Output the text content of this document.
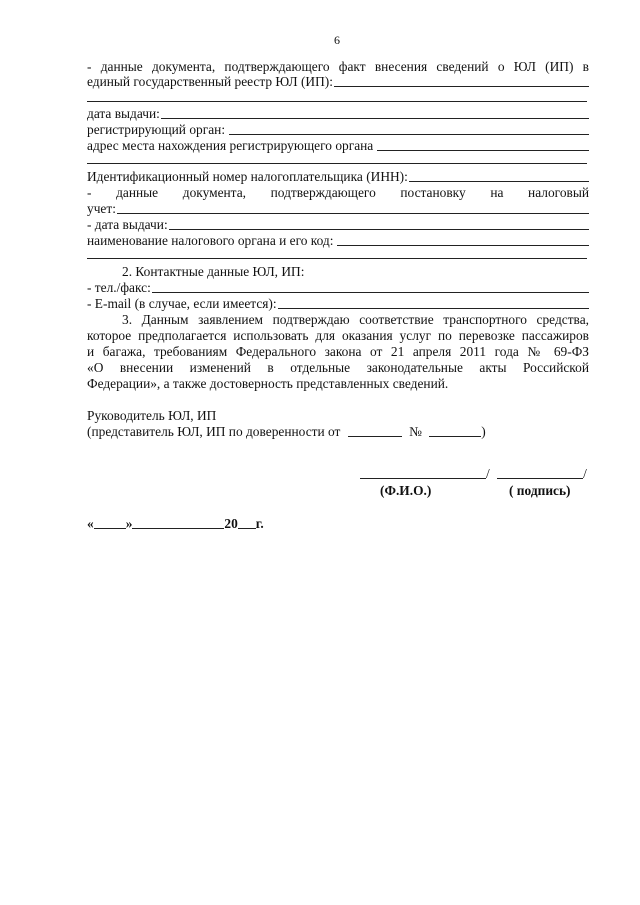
6
- данные документа, подтверждающего факт внесения сведений о ЮЛ (ИП) в
единый государственный реестр ЮЛ (ИП):
дата выдачи:
регистрирующий орган:
адрес места нахождения регистрирующего органа
Идентификационный номер налогоплательщика (ИНН):
- данные документа, подтверждающего постановку на налоговый
учет:
- дата выдачи:
наименование налогового органа и его код:
2. Контактные данные ЮЛ, ИП:
- тел./факс:
- E-mail (в случае, если имеется):
3. Данным заявлением подтверждаю соответствие транспортного средства,
которое предполагается использовать для оказания услуг по перевозке пассажиров
и багажа, требованиям Федерального закона от 21 апреля 2011 года № 69-ФЗ
«О внесении изменений в отдельные законодательные акты Российской
Федерации», а также достоверность представленных сведений.
Руководитель ЮЛ, ИП
(представитель ЮЛ, ИП по доверенности от	№	)
/	/
(Ф.И.О.)	( подпись)
« »	20 г.
